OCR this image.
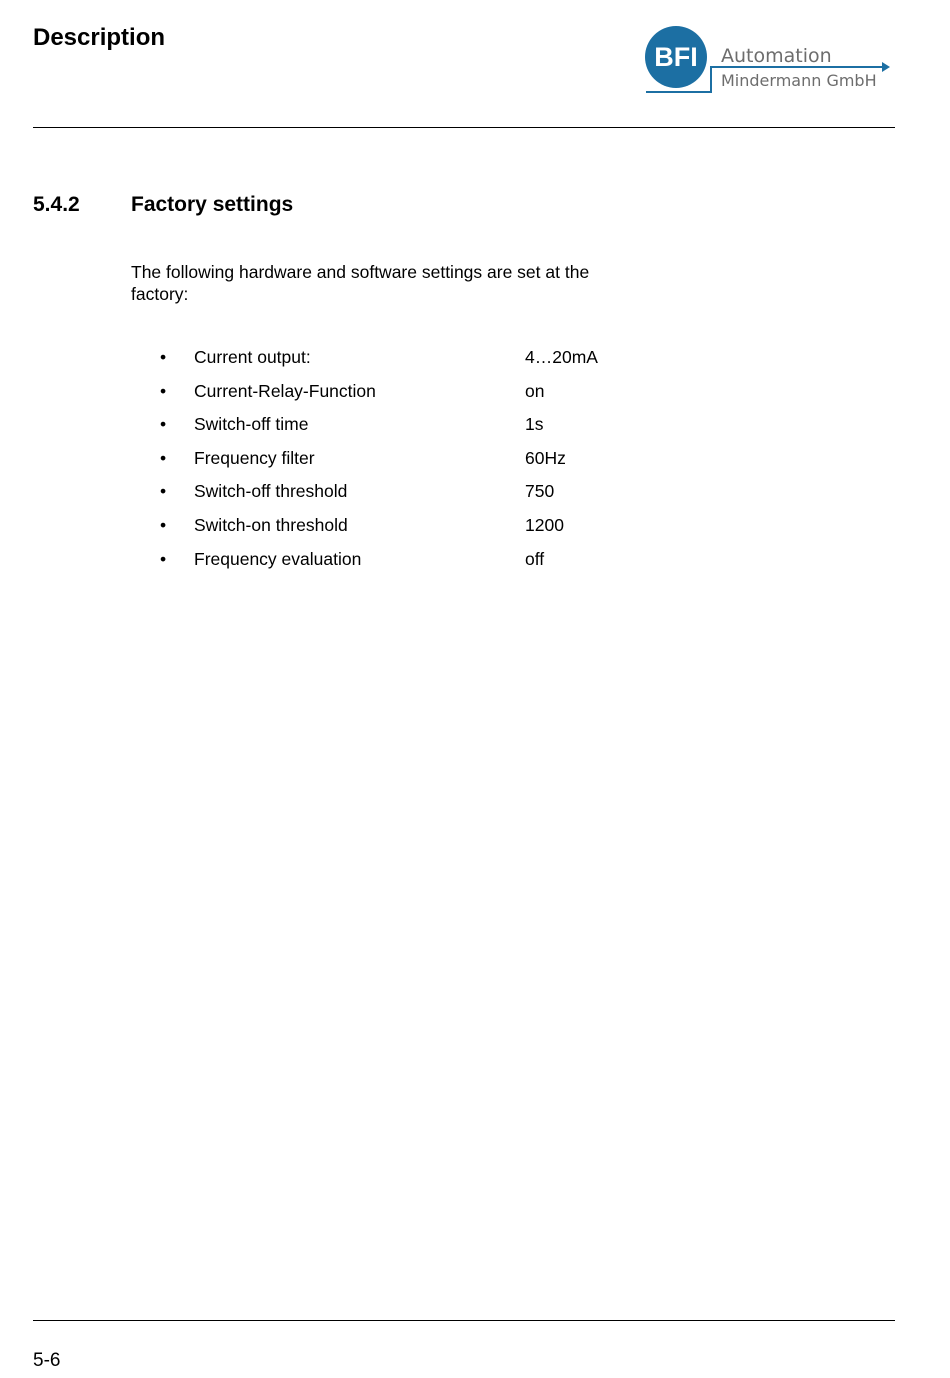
Description
BFI Automation
Mindermann GmbH
5.4.2 Factory settings
The following hardware and software settings are set at the factory:
• Current output:	4…20mA
• Current-Relay-Function	on
• Switch-off time	1s
• Frequency filter	60Hz
• Switch-off threshold	750
• Switch-on threshold	1200
• Frequency evaluation	off
5-6
